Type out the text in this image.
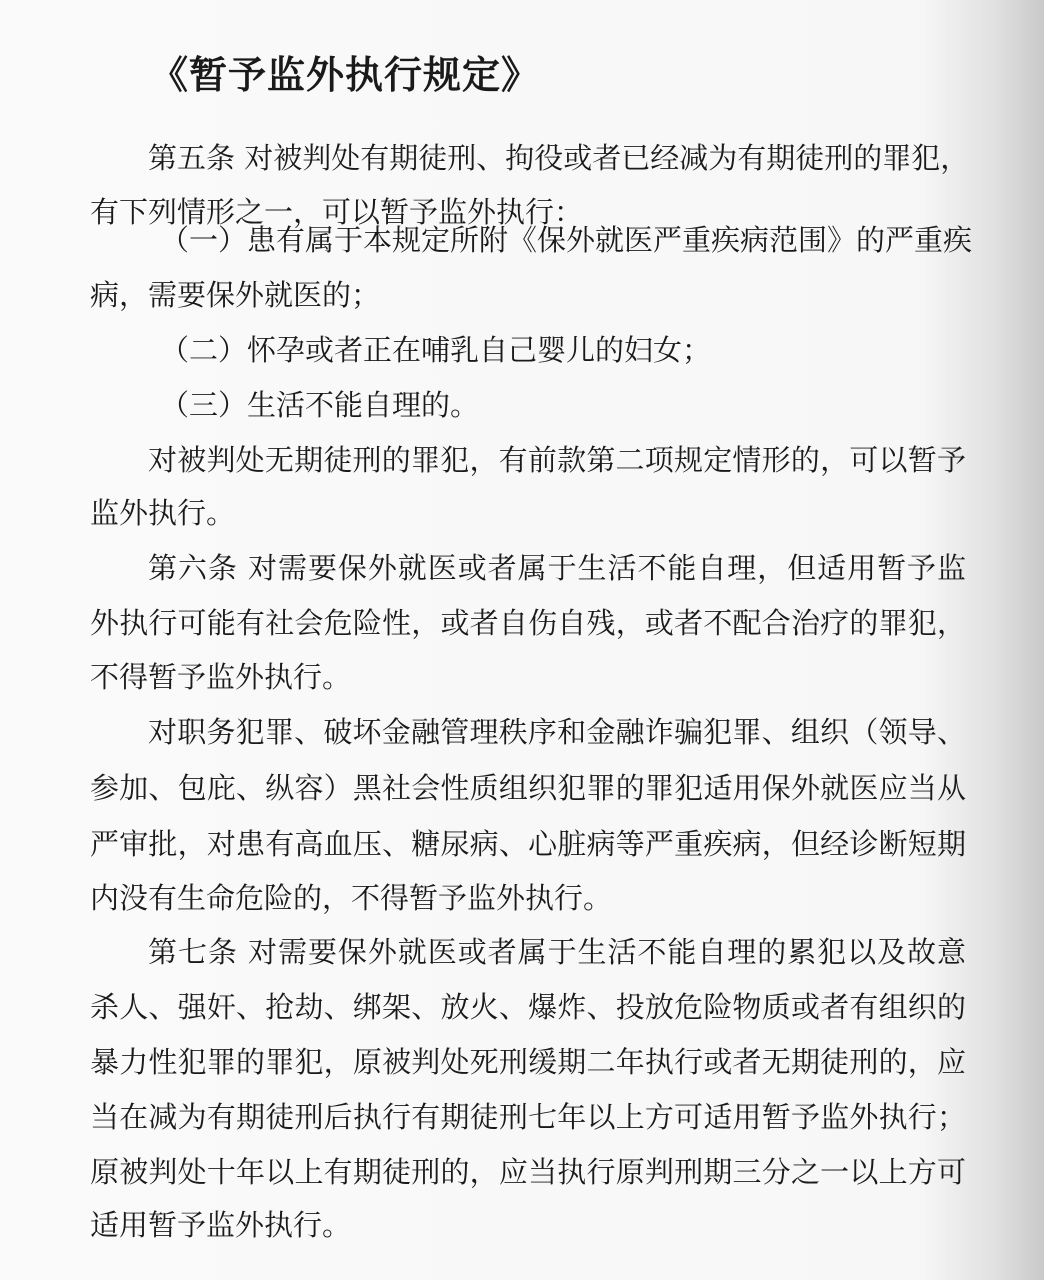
《暂予监外执行规定》
第五条 对被判处有期徒刑、拘役或者已经减为有期徒刑的罪犯，
有下列情形之一，可以暂予监外执行：
（一）患有属于本规定所附《保外就医严重疾病范围》的严重疾
病，需要保外就医的；
（二）怀孕或者正在哺乳自己婴儿的妇女；
（三）生活不能自理的。
对被判处无期徒刑的罪犯，有前款第二项规定情形的，可以暂予
监外执行。
第六条 对需要保外就医或者属于生活不能自理，但适用暂予监
外执行可能有社会危险性，或者自伤自残，或者不配合治疗的罪犯，
不得暂予监外执行。
对职务犯罪、破坏金融管理秩序和金融诈骗犯罪、组织（领导、
参加、包庇、纵容）黑社会性质组织犯罪的罪犯适用保外就医应当从
严审批，对患有高血压、糖尿病、心脏病等严重疾病，但经诊断短期
内没有生命危险的，不得暂予监外执行。
第七条 对需要保外就医或者属于生活不能自理的累犯以及故意
杀人、强奸、抢劫、绑架、放火、爆炸、投放危险物质或者有组织的
暴力性犯罪的罪犯，原被判处死刑缓期二年执行或者无期徒刑的，应
当在减为有期徒刑后执行有期徒刑七年以上方可适用暂予监外执行；
原被判处十年以上有期徒刑的，应当执行原判刑期三分之一以上方可
适用暂予监外执行。
